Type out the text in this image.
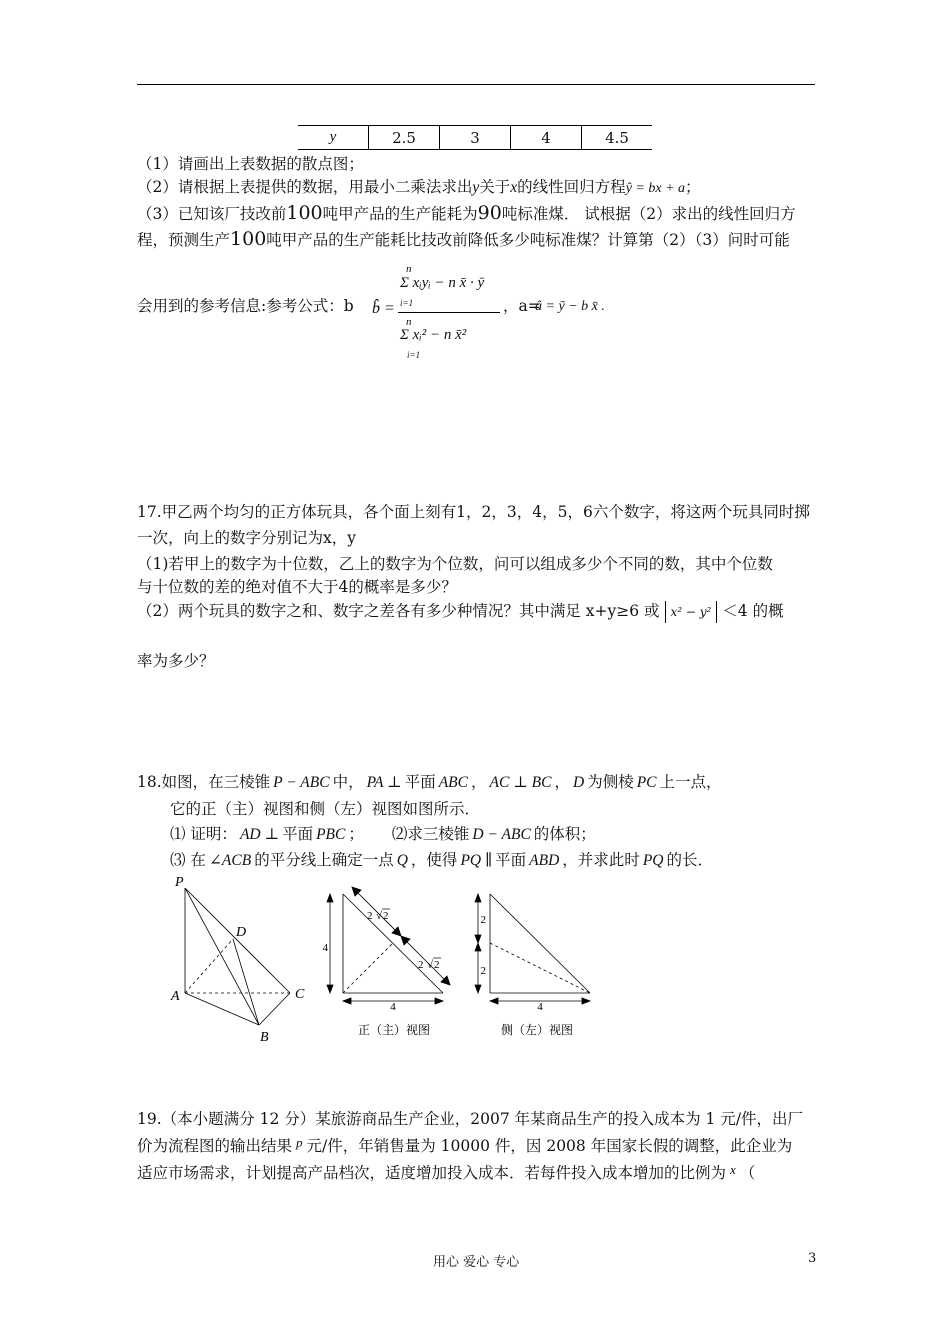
y	2.5	3	4	4.5
（1）请画出上表数据的散点图；
（2）请根据上表提供的数据，用最小二乘法求出y关于x的线性回归方程ŷ = bx + a；
（3）已知该厂技改前100吨甲产品的生产能耗为90吨标准煤． 试根据（2）求出的线性回归方
程，预测生产100吨甲产品的生产能耗比技改前降低多少吨标准煤？计算第（2）（3）问时可能
会用到的参考信息:参考公式：b b̂ =
n
Σ xᵢyᵢ − n x̄ · ȳ
i=1
n
Σ xᵢ² − n x̄²
i=1
，a=
â = ȳ − b x̄ .
17.甲乙两个均匀的正方体玩具，各个面上刻有1，2，3，4，5，6六个数字，将这两个玩具同时掷
一次，向上的数字分别记为x，y
（1)若甲上的数字为十位数，乙上的数字为个位数，问可以组成多少个不同的数，其中个位数
与十位数的差的绝对值不大于4的概率是多少？
（2）两个玩具的数字之和、数字之差各有多少种情况？其中满足 x+y≥6 或 x² − y² ＜4 的概
率为多少？
18.如图，在三棱锥 P − ABC 中， PA ⊥ 平面 ABC ， AC ⊥ BC ， D 为侧棱 PC 上一点，
它的正（主）视图和侧（左）视图如图所示．
⑴ 证明： AD ⊥ 平面 PBC ； ⑵求三棱锥 D − ABC 的体积；
⑶ 在 ∠ACB 的平分线上确定一点 Q ，使得 PQ ∥ 平面 ABD ，并求此时 PQ 的长．
P
D
A	C
B
4
4
2 √ 2
2 √ 2
正（主）视图
2
2
4
侧（左）视图
19.（本小题满分 12 分）某旅游商品生产企业，2007 年某商品生产的投入成本为 1 元/件，出厂
价为流程图的输出结果 $^p$ 元/件，年销售量为 10000 件，因 2008 年国家长假的调整，此企业为
适应市场需求，计划提高产品档次，适度增加投入成本．若每件投入成本增加的比例为 $^x$ （
用心 爱心 专心	3
